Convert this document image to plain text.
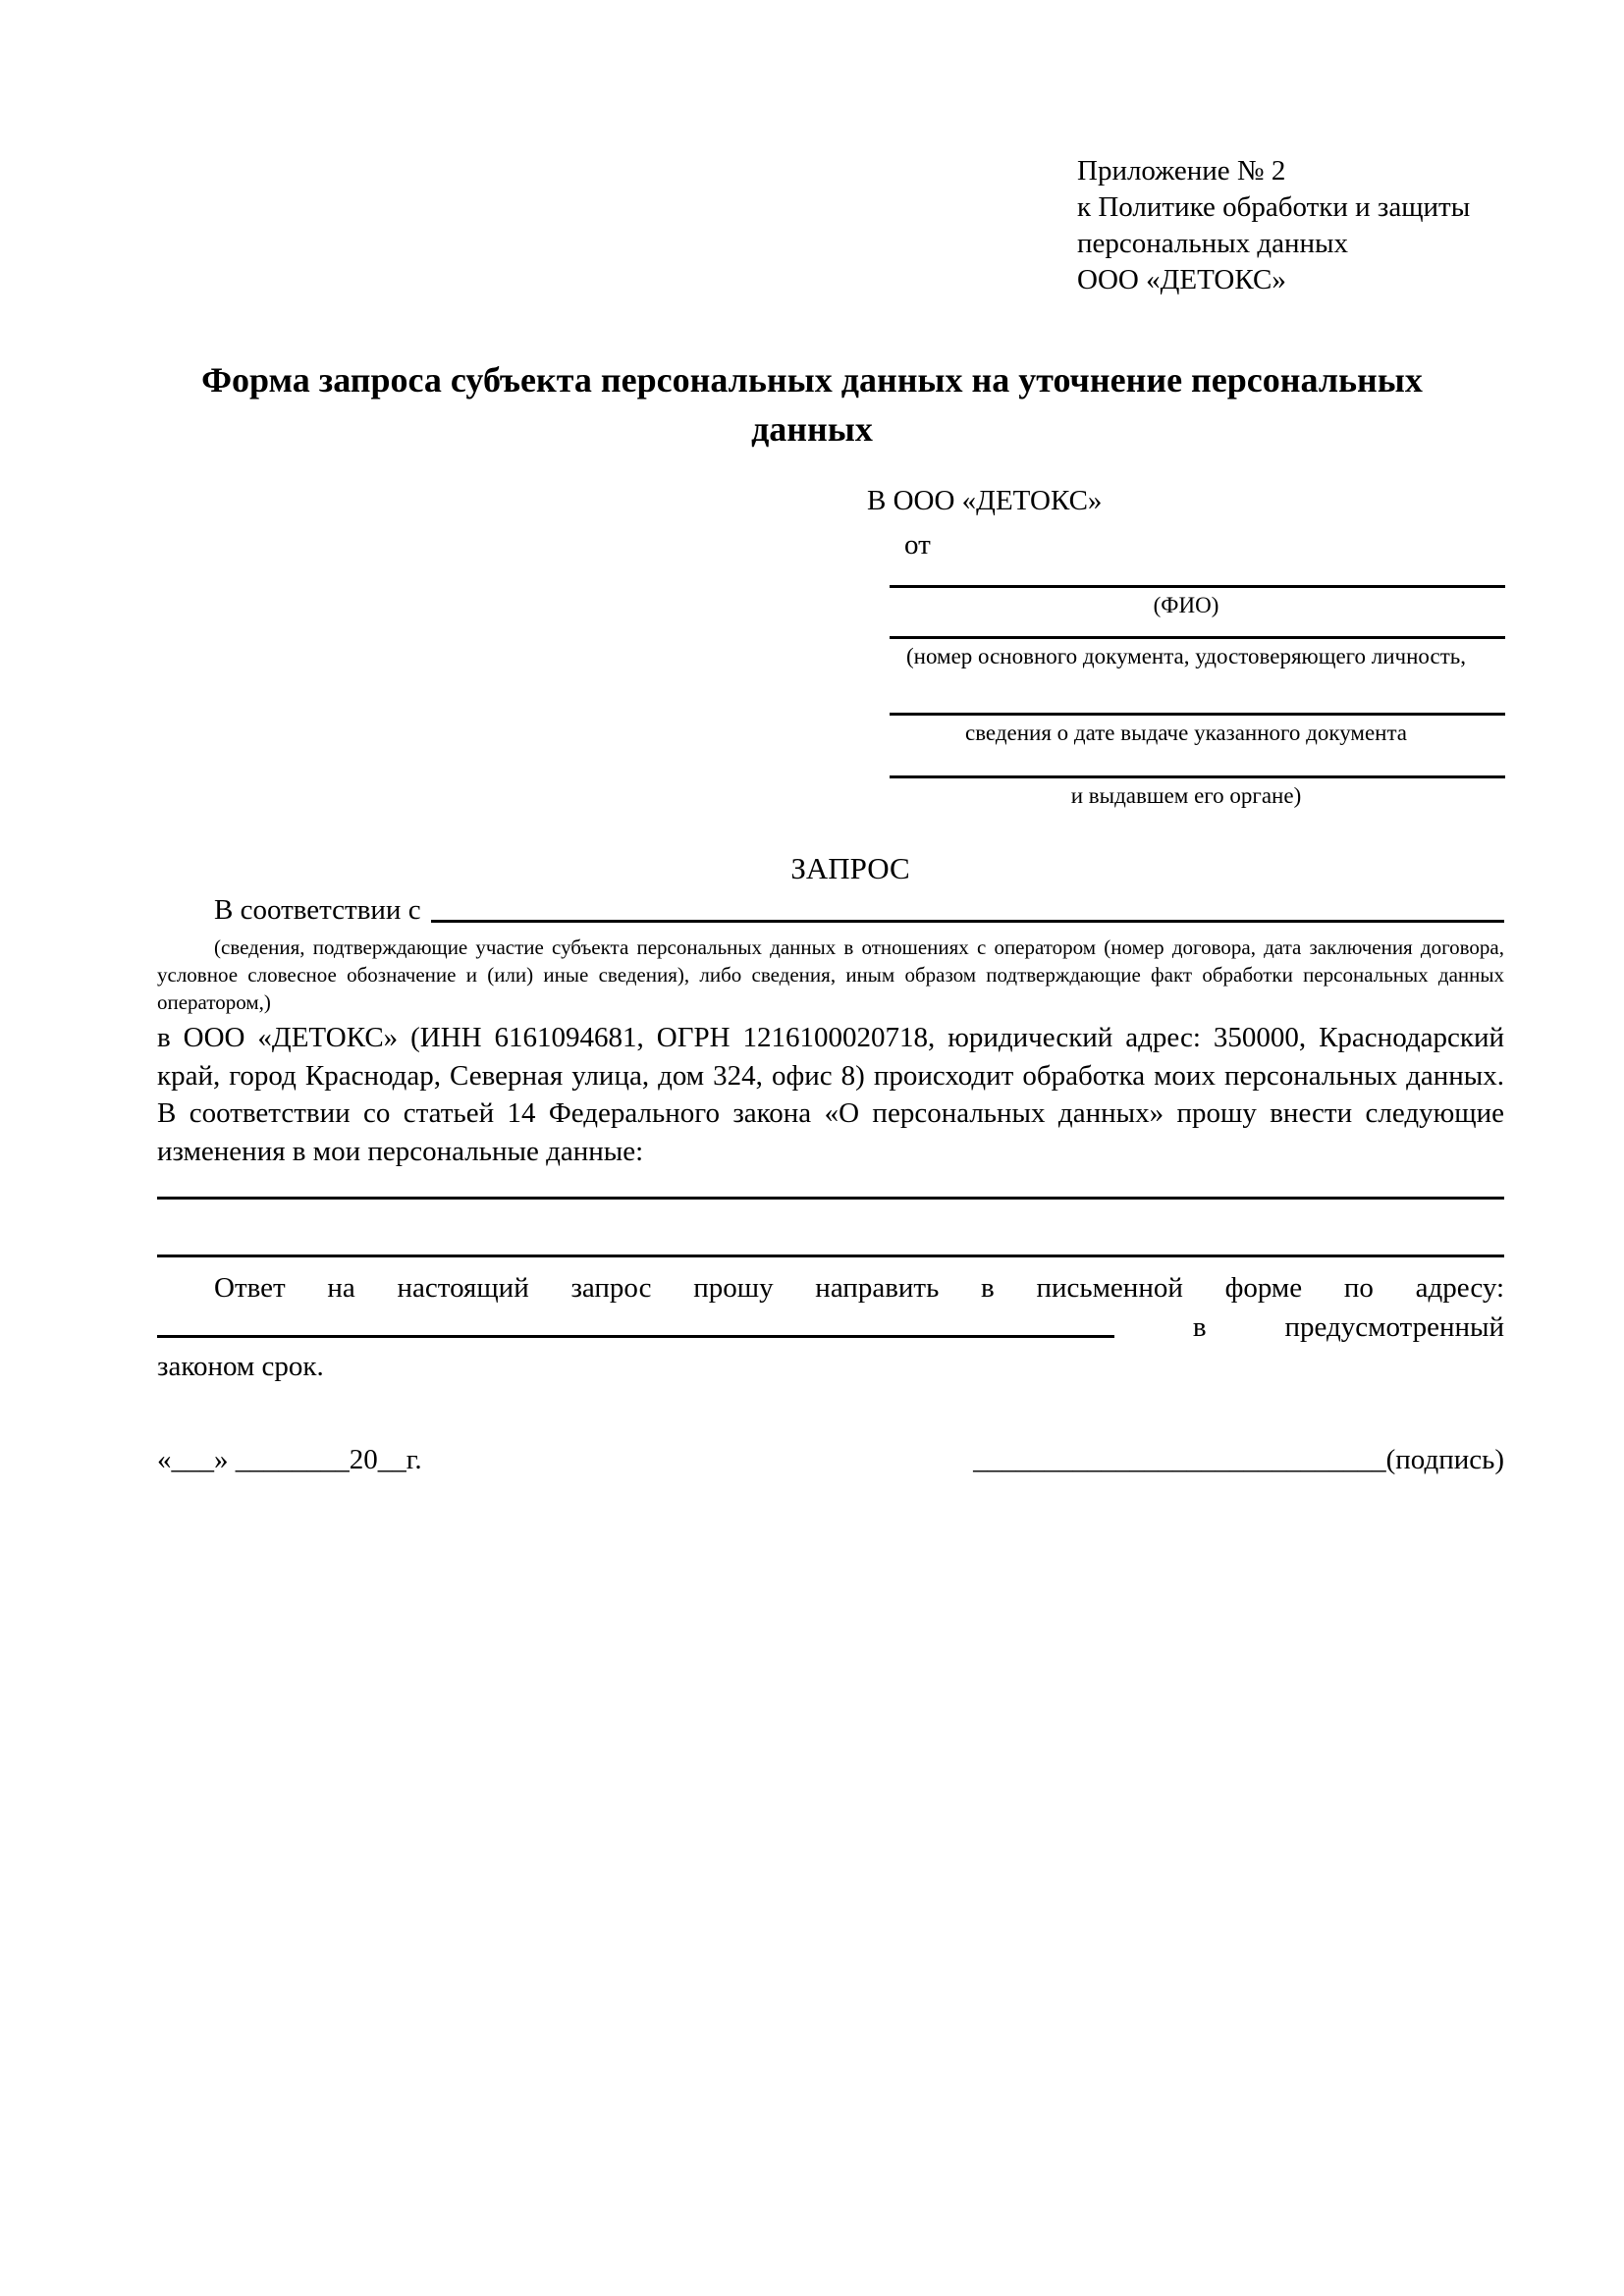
Приложение № 2
к Политике обработки и защиты
персональных данных
ООО «ДЕТОКС»
Форма запроса субъекта персональных данных на уточнение персональных данных
В ООО «ДЕТОКС»
от
(ФИО)
(номер основного документа, удостоверяющего личность,
сведения о дате выдаче указанного документа
и выдавшем его органе)
ЗАПРОС
В соответствии с
(сведения, подтверждающие участие субъекта персональных данных в отношениях с оператором (номер договора, дата заключения договора, условное словесное обозначение и (или) иные сведения), либо сведения, иным образом подтверждающие факт обработки персональных данных оператором,)
в ООО «ДЕТОКС» (ИНН 6161094681, ОГРН 1216100020718, юридический адрес: 350000, Краснодарский край, город Краснодар, Северная улица, дом 324, офис 8) происходит обработка моих персональных данных. В соответствии со статьей 14 Федерального закона «О персональных данных» прошу внести следующие изменения в мои персональные данные:
Ответ на настоящий запрос прошу направить в письменной форме по адресу:
в	предусмотренный
законом срок.
«___» ________20__г.	_____________________________(подпись)
